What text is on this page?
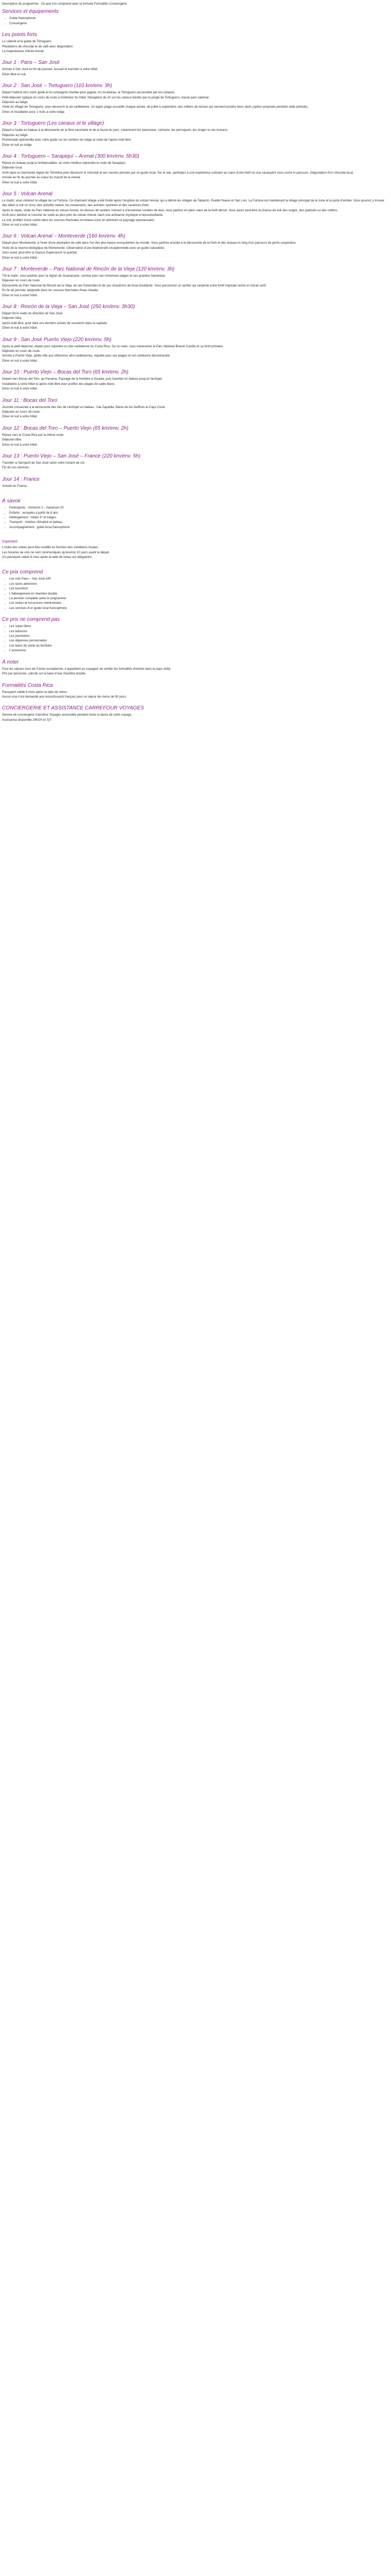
Description du programme : Ce que l'on comprend avec la formule Formalitès Conciergerie

Services et équipements
• Guide francophone
• Conciergerie
Les points forts

Le cabinet et le guide de Tortuguero

Plantations de chocolat et de café avec dégustation

La majestueuse Volcán Arenal

Jour 1 : Paris – San José

Arrivée à San José en fin de journée. Accueil et transfert à votre hôtel.

Dîner libre et nuit.

Jour 2 : San José – Tortuguero (110 km/env. 3h)

Départ matinal vers votre guide et la compagnie chartée pour gagner, en mi-bateau, la Tortuguero (accessible par les canaux).

Petit-déjeuner typique en cours de route à l'extérieur du hôtel. Navigation de 1h sur les canaux bordés par la jungle de Tortuguero, classé parc national.

Déjeuner au lodge.

Visite du village de Tortuguero, pour découvrir la vie caribéenne. Un lagon plage accueillir chaque année, de juillet à septembre, des milliers de tortues qui viennent pondre leurs œufs (option proposée pendant cette période).

Dîner et installation pour 2 nuits à votre lodge.

Jour 3 : Tortuguero (Les canaux et le village)

Départ à l'aube en bateau à la découverte de la flore luxuriante et de la faune du parc, notamment les paresseux, caïmans, les perroquets, les singes ou les toucans.

Déjeuner au lodge.

Promenade optionnelle avec votre guide sur les sentiers du lodge et visite de l'après-midi libre.

Dîner et nuit au lodge.

Jour 4 : Tortuguero – Sarapiquí – Arenal (300 km/env. 5h30)

Retour en bateau jusqu'à l'embarcadère, où votre minibus reprendra la route de Sarapiquí.

Déjeuner local.

Arrêt dans la charmante région de Tirimbina pour découvrir le chocolat et ses secrets pressés par un guide local. Sur le site, participez à une expérience culinaire au cœur d'une forêt où une cacaoyère vous ouvre le parcours. Dégustation d'un chocolat local.

Arrivée en fin de journée au coeur du massif de la Arenal.

Dîner et nuit à votre hôtel.

Jour 5 : Volcan Arenal

Le matin, vous visiterez le village de La Fortuna. Ce charmant village a été fondé après l'éruption du volcan Arenal, qui a détruit les villages de Tabacón, Pueblo Nuevo et San Luis. La Fortuna est maintenant la village principal de la zone et la porte d'entrée. Vous pourrez y trouver des idées à voir ou vivre, des activités nature, les restaurants, des activités sportives et des vacances d'été.

Après le repas, visite du Parc National du volcan Arenal. Au-dessus de sentiers menant à d'anciennes coulées de lave, vous partirez en plein cœur de la forêt dense. Vous aurez peut-être la chance de voir des singes, des quetzals ou des colibris.

Arrêt pour admirer le coucher du soleil au plus près du volcan Arenal, dans une ambiance mystique et époustouflante.

Le soir, profitez d'une soirée dans les sources thermales et relaxez-vous en admirant ce paysage spectaculaire.

Dîner et nuit à votre hôtel.

Jour 6 : Volcan Arenal – Monteverde (160 km/env. 4h)

Départ pour Monteverde, à l'orée d'une plantation de café dans l'un des plus beaux écosystèmes du monde. Vous partirez ensuite à la découverte de la forêt et des oiseaux le long d'un parcours de ponts suspendus.

Visite de la réserve biologique de Monteverde. Observation d'une biodiversité exceptionnelle avec un guide naturaliste.

Vous aurez peut-être la chance d'apercevoir le quetzal.

Dîner et nuit à votre hôtel.

Jour 7 : Monteverde – Parc National de Rincón de la Vieja (120 km/env. 3h)

Tôt le matin, vous partirez pour la région du Guanacaste, connue pour ses immenses plages et ses grandes haciendas.

Déjeuner en cours de route.

Découverte du Parc National de Rincón de la Vieja, de ses fumerolles et de ses chaudrons de boue bouillante. Vous parcourrez un sentier qui serpente entre forêt tropicale sèche et volcan actif.

En fin de journée, baignade dans les sources thermales d'eau chaude.

Dîner et nuit à votre hôtel.

Jour 8 : Rincón de la Vieja – San José (250 km/env. 3h30)

Départ tôt le matin en direction de San José.

Déjeuner libre.

Après-midi libre, pour faire vos derniers achats de souvenirs dans la capitale.

Dîner et nuit à votre hôtel.

Jour 9 : San José Puerto Viejo (220 km/env. 5h)

Après le petit déjeuner, départ pour rejoindre la côte caribéenne du Costa Rica. Sur la route, vous traverserez le Parc National Braulio Carrillo et sa forêt primaire.

Déjeuner en cours de route.

Arrivée à Puerto Viejo, petite ville aux influences afro-caribéennes, réputée pour ses plages et son ambiance décontractée.

Dîner et nuit à votre hôtel.

Jour 10 : Puerto Viejo – Bocas del Toro (65 km/env. 2h)

Départ vers Bocas del Toro, au Panama. Passage de la frontière à Sixaola, puis transfert en bateau jusqu'à l'archipel.

Installation à votre hôtel et après-midi libre pour profiter des plages de sable blanc.

Dîner et nuit à votre hôtel.

Jour 11 : Bocas del Toro

Journée consacrée à la découverte des îles de l'archipel en bateau : Isla Zapatilla, Bahía de los Delfines et Cayo Coral.

Déjeuner en cours de route.

Dîner et nuit à votre hôtel.

Jour 12 : Bocas del Toro – Puerto Viejo (65 km/env. 2h)

Retour vers le Costa Rica par la même route.

Déjeuner libre.

Dîner et nuit à votre hôtel.

Jour 13 : Puerto Viejo – San José – France (220 km/env. 5h)

Transfert à l'aéroport de San José selon votre horaire de vol.

Fin de nos services.

Jour 14 : France

Arrivée en France.

À savoir
• Participants : minimum 2 - maximum 20
• Enfants : acceptés à partir de 8 ans
• Hébergement : hôtels 3* et lodges
• Transport : minibus climatisé et bateau
• Accompagnement : guide local francophone
Important

L'ordre des visites peut être modifié en fonction des conditions locales.

Les horaires de vols ne sont communiqués qu'environ 10 jours avant le départ.

Un passeport valide 6 mois après la date de retour est obligatoire.

Ce prix comprend
• Les vols Paris – San José A/R
• Les taxes aériennes
• Les transferts
• L'hébergement en chambre double
• La pension complète selon le programme
• Les visites et excursions mentionnées
• Les services d'un guide local francophone
Ce prix ne comprend pas
• Les repas libres
• Les boissons
• Les pourboires
• Les dépenses personnelles
• Les taxes de sortie du territoire
• L'assurance
À noter

Pour les séjours hors de l'Union européenne, il appartient au voyageur de vérifier les formalités d'entrée dans le pays visité.

Prix par personne, calculé sur la base d'une chambre double.

Formalités Costa Rica

Passeport valide 6 mois après la date de retour.

Aucun visa n'est demandé aux ressortissants français pour un séjour de moins de 90 jours.

CONCIERGERIE ET ASSISTANCE CARREFOUR VOYAGES

Service de conciergerie Carrefour Voyages accessible pendant toute la durée de votre voyage.

Assistance disponible 24h/24 et 7j/7.
